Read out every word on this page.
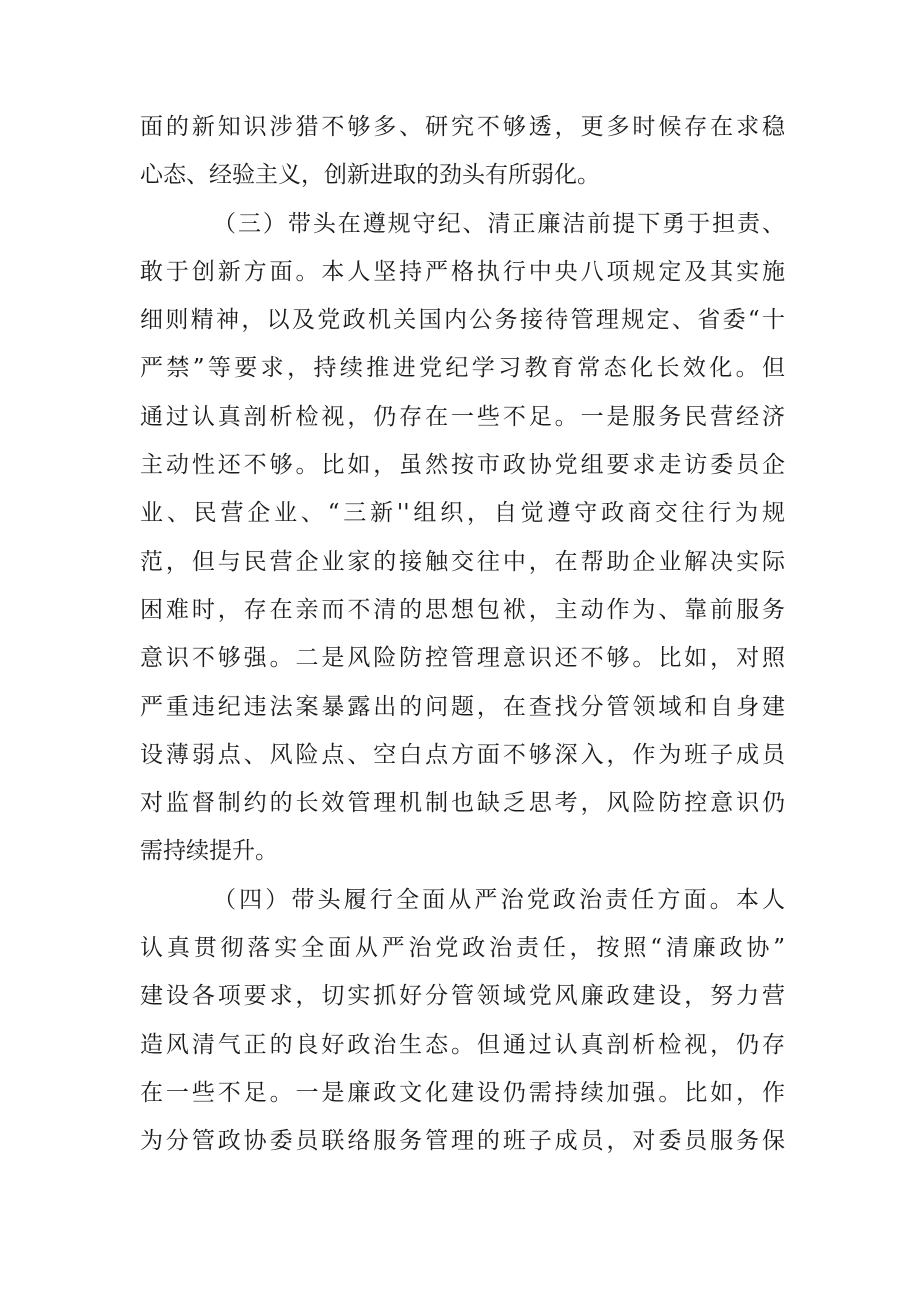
面的新知识涉猎不够多、研究不够透，更多时候存在求稳
心态、经验主义，创新进取的劲头有所弱化。
（三）带头在遵规守纪、清正廉洁前提下勇于担责、
敢于创新方面。本人坚持严格执行中央八项规定及其实施
细则精神，以及党政机关国内公务接待管理规定、省委“十
严禁”等要求，持续推进党纪学习教育常态化长效化。但
通过认真剖析检视，仍存在一些不足。一是服务民营经济
主动性还不够。比如，虽然按市政协党组要求走访委员企
业、民营企业、“三新''组织，自觉遵守政商交往行为规
范，但与民营企业家的接触交往中，在帮助企业解决实际
困难时，存在亲而不清的思想包袱，主动作为、靠前服务
意识不够强。二是风险防控管理意识还不够。比如，对照
严重违纪违法案暴露出的问题，在查找分管领域和自身建
设薄弱点、风险点、空白点方面不够深入，作为班子成员
对监督制约的长效管理机制也缺乏思考，风险防控意识仍
需持续提升。
（四）带头履行全面从严治党政治责任方面。本人
认真贯彻落实全面从严治党政治责任，按照“清廉政协”
建设各项要求，切实抓好分管领域党风廉政建设，努力营
造风清气正的良好政治生态。但通过认真剖析检视，仍存
在一些不足。一是廉政文化建设仍需持续加强。比如，作
为分管政协委员联络服务管理的班子成员，对委员服务保
